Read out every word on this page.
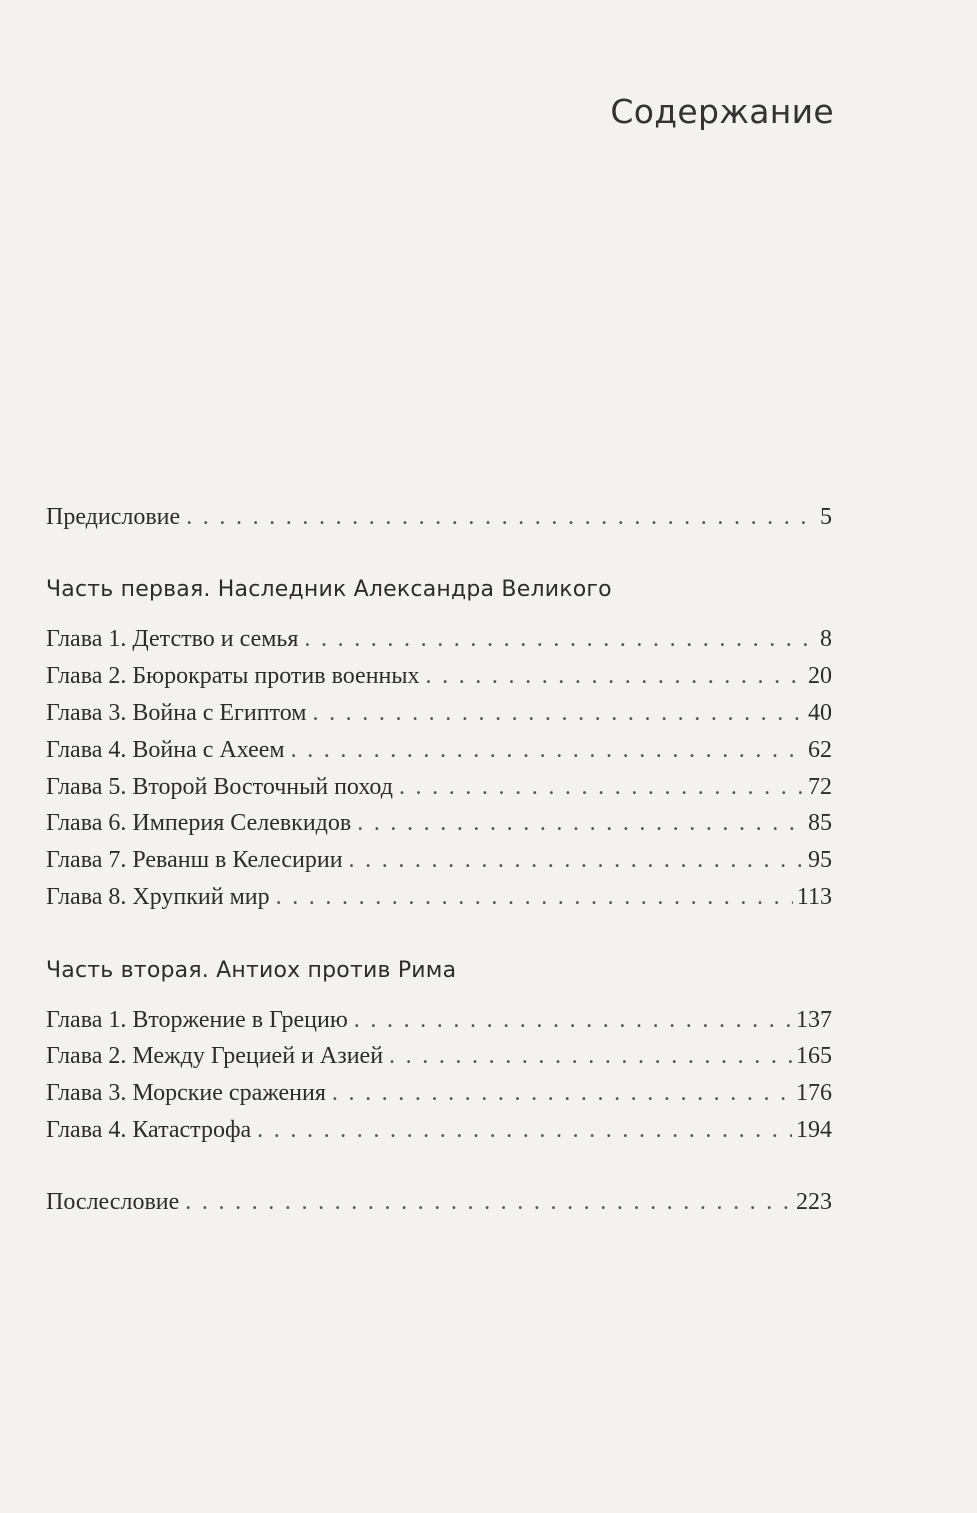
Содержание
Предисловие . . .	5
Часть первая. Наследник Александра Великого
Глава 1. Детство и семья . . .	8
Глава 2. Бюрократы против военных . . .	20
Глава 3. Война с Египтом . . .	40
Глава 4. Война с Ахеем . . .	62
Глава 5. Второй Восточный поход . . .	72
Глава 6. Империя Селевкидов . . .	85
Глава 7. Реванш в Келесирии . . .	95
Глава 8. Хрупкий мир . . .	113
Часть вторая. Антиох против Рима
Глава 1. Вторжение в Грецию . . .	137
Глава 2. Между Грецией и Азией . . .	165
Глава 3. Морские сражения . . .	176
Глава 4. Катастрофа . . .	194
Послесловие . . .	223
